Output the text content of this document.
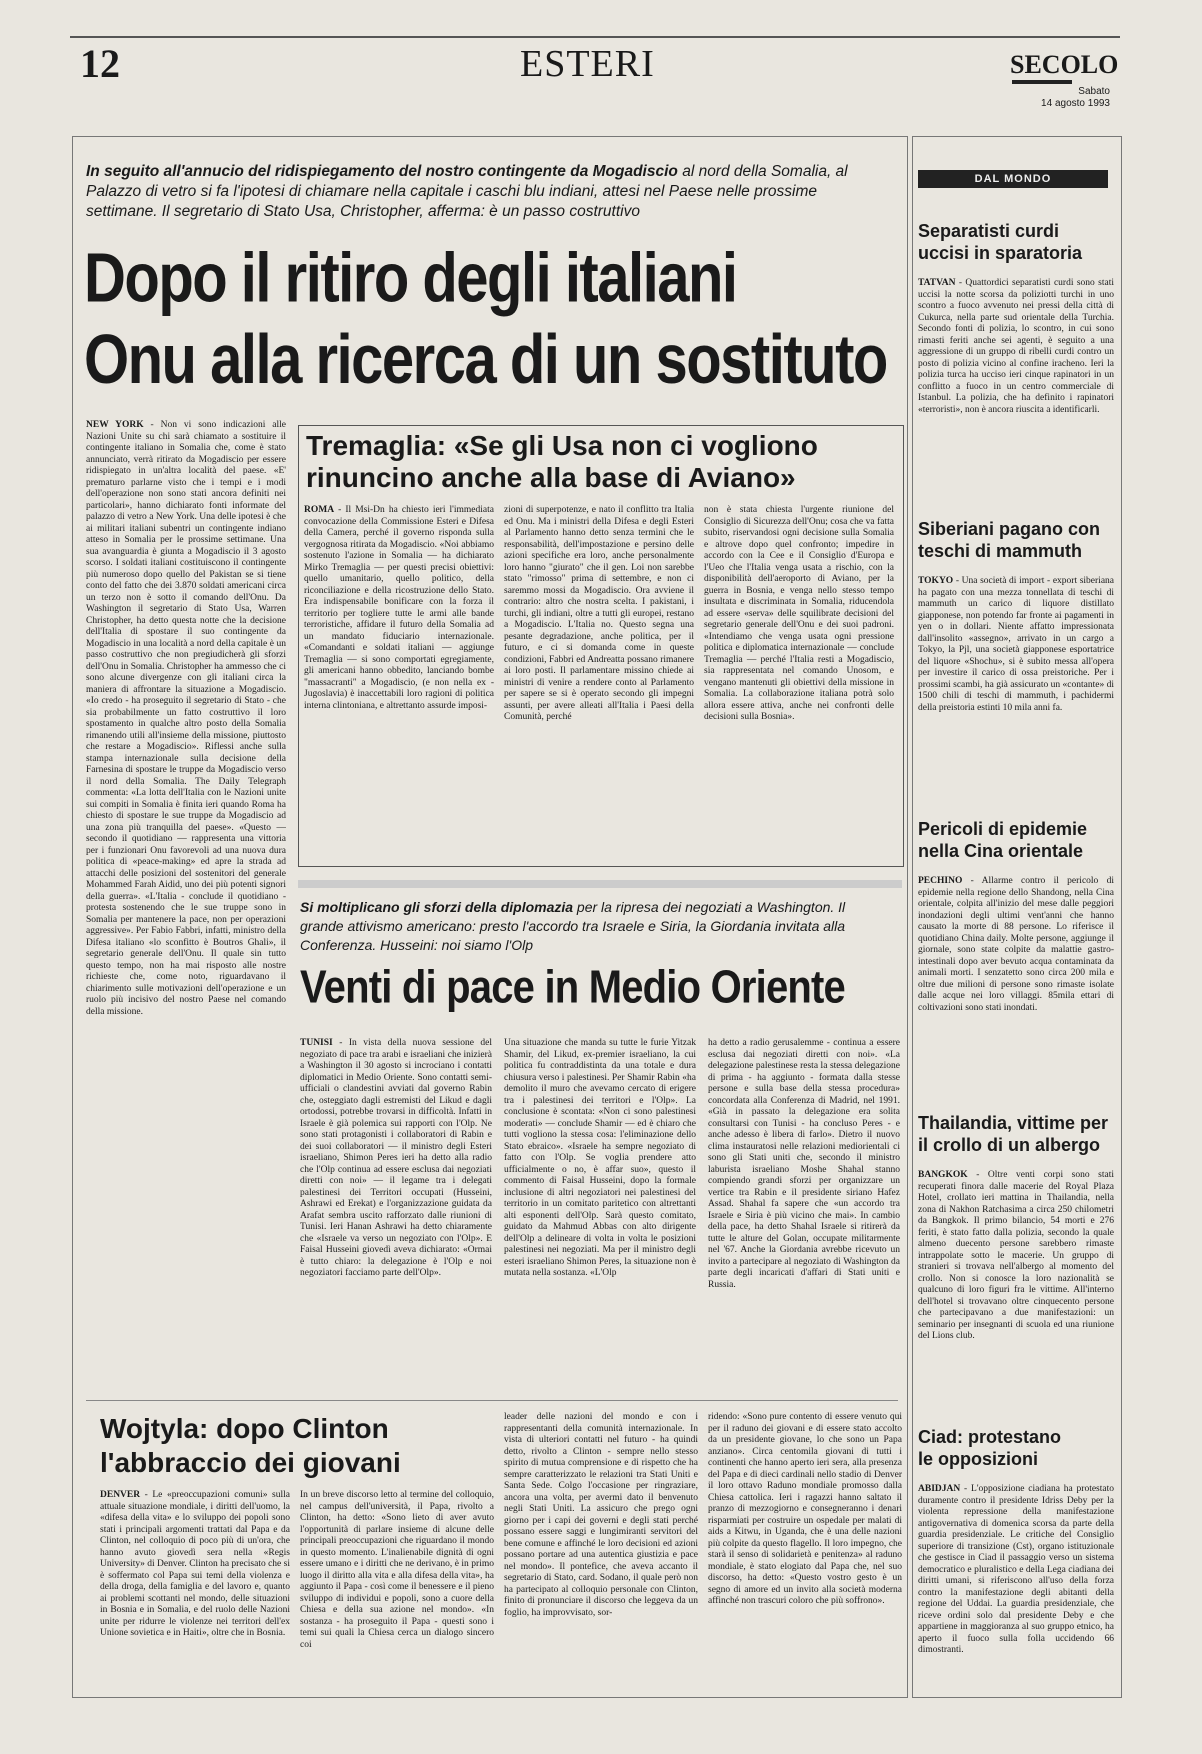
12	ESTERI	SECOLO
Sabato
14 agosto 1993
In seguito all'annucio del ridispiegamento del nostro contingente da Mogadiscio al nord della Somalia, al Palazzo di vetro si fa l'ipotesi di chiamare nella capitale i caschi blu indiani, attesi nel Paese nelle prossime settimane. Il segretario di Stato Usa, Christopher, afferma: è un passo costruttivo
Dopo il ritiro degli italiani
Onu alla ricerca di un sostituto
NEW YORK - Non vi sono indicazioni alle Nazioni Unite su chi sarà chiamato a sostituire il contingente italiano in Somalia che, come è stato annunciato, verrà ritirato da Mogadiscio per essere ridispiegato in un'altra località del paese. «E' prematuro parlarne visto che i tempi e i modi dell'operazione non sono stati ancora definiti nei particolari», hanno dichiarato fonti informate del palazzo di vetro a New York. Una delle ipotesi è che ai militari italiani subentri un contingente indiano atteso in Somalia per le prossime settimane. Una sua avanguardia è giunta a Mogadiscio il 3 agosto scorso. I soldati italiani costituiscono il contingente più numeroso dopo quello del Pakistan se si tiene conto del fatto che dei 3.870 soldati americani circa un terzo non è sotto il comando dell'Onu. Da Washington il segretario di Stato Usa, Warren Christopher, ha detto questa notte che la decisione dell'Italia di spostare il suo contingente da Mogadiscio in una località a nord della capitale è un passo costruttivo che non pregiudicherà gli sforzi dell'Onu in Somalia. Christopher ha ammesso che ci sono alcune divergenze con gli italiani circa la maniera di affrontare la situazione a Mogadiscio. «Io credo - ha proseguito il segretario di Stato - che sia probabilmente un fatto costruttivo il loro spostamento in qualche altro posto della Somalia rimanendo utili all'insieme della missione, piuttosto che restare a Mogadiscio». Riflessi anche sulla stampa internazionale sulla decisione della Farnesina di spostare le truppe da Mogadiscio verso il nord della Somalia. The Daily Telegraph commenta: «La lotta dell'Italia con le Nazioni unite sui compiti in Somalia è finita ieri quando Roma ha chiesto di spostare le sue truppe da Mogadiscio ad una zona più tranquilla del paese». «Questo — secondo il quotidiano — rappresenta una vittoria per i funzionari Onu favorevoli ad una nuova dura politica di «peace-making» ed apre la strada ad attacchi delle posizioni del sostenitori del generale Mohammed Farah Aidid, uno dei più potenti signori della guerra». «L'Italia - conclude il quotidiano - protesta sostenendo che le sue truppe sono in Somalia per mantenere la pace, non per operazioni aggressive». Per Fabio Fabbri, infatti, ministro della Difesa italiano «lo sconfitto è Boutros Ghali», il segretario generale dell'Onu. Il quale sin tutto questo tempo, non ha mai risposto alle nostre richieste che, come noto, riguardavano il chiarimento sulle motivazioni dell'operazione e un ruolo più incisivo del nostro Paese nel comando della missione.
Tremaglia: «Se gli Usa non ci vogliono
rinuncino anche alla base di Aviano»
ROMA - Il Msi-Dn ha chiesto ieri l'immediata convocazione della Commissione Esteri e Difesa della Camera, perché il governo risponda sulla vergognosa ritirata da Mogadiscio. «Noi abbiamo sostenuto l'azione in Somalia — ha dichiarato Mirko Tremaglia — per questi precisi obiettivi: quello umanitario, quello politico, della riconciliazione e della ricostruzione dello Stato. Era indispensabile bonificare con la forza il territorio per togliere tutte le armi alle bande terroristiche, affidare il futuro della Somalia ad un mandato fiduciario internazionale. «Comandanti e soldati italiani — aggiunge Tremaglia — si sono comportati egregiamente, gli americani hanno obbedito, lanciando bombe "massacranti" a Mogadiscio, (e non nella ex - Jugoslavia) è inaccettabili loro ragioni di politica interna clintoniana, e altrettanto assurde imposi-
zioni di superpotenze, e nato il conflitto tra Italia ed Onu. Ma i ministri della Difesa e degli Esteri al Parlamento hanno detto senza termini che le responsabilità, dell'impostazione e persino delle azioni specifiche era loro, anche personalmente loro hanno "giurato" che il gen. Loi non sarebbe stato "rimosso" prima di settembre, e non ci saremmo mossi da Mogadiscio. Ora avviene il contrario: altro che nostra scelta. I pakistani, i turchi, gli indiani, oltre a tutti gli europei, restano a Mogadiscio. L'Italia no. Questo segna una pesante degradazione, anche politica, per il futuro, e ci si domanda come in queste condizioni, Fabbri ed Andreatta possano rimanere ai loro posti. Il parlamentare missino chiede ai ministri di venire a rendere conto al Parlamento per sapere se si è operato secondo gli impegni assunti, per avere alleati all'Italia i Paesi della Comunità, perché
non è stata chiesta l'urgente riunione del Consiglio di Sicurezza dell'Onu; cosa che va fatta subito, riservandosi ogni decisione sulla Somalia e altrove dopo quel confronto; impedire in accordo con la Cee e il Consiglio d'Europa e l'Ueo che l'Italia venga usata a rischio, con la disponibilità dell'aeroporto di Aviano, per la guerra in Bosnia, e venga nello stesso tempo insultata e discriminata in Somalia, riducendola ad essere «serva» delle squilibrate decisioni del segretario generale dell'Onu e dei suoi padroni. «Intendiamo che venga usata ogni pressione politica e diplomatica internazionale — conclude Tremaglia — perché l'Italia resti a Mogadiscio, sia rappresentata nel comando Unosom, e vengano mantenuti gli obiettivi della missione in Somalia. La collaborazione italiana potrà solo allora essere attiva, anche nei confronti delle decisioni sulla Bosnia».
Si moltiplicano gli sforzi della diplomazia per la ripresa dei negoziati a Washington. Il grande attivismo americano: presto l'accordo tra Israele e Siria, la Giordania invitata alla Conferenza. Husseini: noi siamo l'Olp
Venti di pace in Medio Oriente
TUNISI - In vista della nuova sessione del negoziato di pace tra arabi e israeliani che inizierà a Washington il 30 agosto si incrociano i contatti diplomatici in Medio Oriente. Sono contatti semi-ufficiali o clandestini avviati dal governo Rabin che, osteggiato dagli estremisti del Likud e dagli ortodossi, potrebbe trovarsi in difficoltà. Infatti in Israele è già polemica sui rapporti con l'Olp. Ne sono stati protagonisti i collaboratori di Rabin e dei suoi collaboratori — il ministro degli Esteri israeliano, Shimon Peres ieri ha detto alla radio che l'Olp continua ad essere esclusa dai negoziati diretti con noi» — il legame tra i delegati palestinesi dei Territori occupati (Husseini, Ashrawi ed Erekat) e l'organizzazione guidata da Arafat sembra uscito rafforzato dalle riunioni di Tunisi. Ieri Hanan Ashrawi ha detto chiaramente che «Israele va verso un negoziato con l'Olp». E Faisal Husseini giovedì aveva dichiarato: «Ormai è tutto chiaro: la delegazione è l'Olp e noi negoziatori facciamo parte dell'Olp».
Una situazione che manda su tutte le furie Yitzak Shamir, del Likud, ex-premier israeliano, la cui politica fu contraddistinta da una totale e dura chiusura verso i palestinesi. Per Shamir Rabin «ha demolito il muro che avevamo cercato di erigere tra i palestinesi dei territori e l'Olp». La conclusione è scontata: «Non ci sono palestinesi moderati» — conclude Shamir — ed è chiaro che tutti vogliono la stessa cosa: l'eliminazione dello Stato ebraico». «Israele ha sempre negoziato di fatto con l'Olp. Se voglia prendere atto ufficialmente o no, è affar suo», questo il commento di Faisal Husseini, dopo la formale inclusione di altri negoziatori nei palestinesi del territorio in un comitato paritetico con altrettanti alti esponenti dell'Olp. Sarà questo comitato, guidato da Mahmud Abbas con alto dirigente dell'Olp a delineare di volta in volta le posizioni palestinesi nei negoziati. Ma per il ministro degli esteri israeliano Shimon Peres, la situazione non è mutata nella sostanza. «L'Olp
ha detto a radio gerusalemme - continua a essere esclusa dai negoziati diretti con noi». «La delegazione palestinese resta la stessa delegazione di prima - ha aggiunto - formata dalla stesse persone e sulla base della stessa procedura» concordata alla Conferenza di Madrid, nel 1991. «Già in passato la delegazione era solita consultarsi con Tunisi - ha concluso Peres - e anche adesso è libera di farlo». Dietro il nuovo clima instauratosi nelle relazioni mediorientali ci sono gli Stati uniti che, secondo il ministro laburista israeliano Moshe Shahal stanno compiendo grandi sforzi per organizzare un vertice tra Rabin e il presidente siriano Hafez Assad. Shahal fa sapere che «un accordo tra Israele e Siria è più vicino che mai». In cambio della pace, ha detto Shahal Israele si ritirerà da tutte le alture del Golan, occupate militarmente nel '67. Anche la Giordania avrebbe ricevuto un invito a partecipare al negoziato di Washington da parte degli incaricati d'affari di Stati uniti e Russia.
Wojtyla: dopo Clinton
l'abbraccio dei giovani
DENVER - Le «preoccupazioni comuni» sulla attuale situazione mondiale, i diritti dell'uomo, la «difesa della vita» e lo sviluppo dei popoli sono stati i principali argomenti trattati dal Papa e da Clinton, nel colloquio di poco più di un'ora, che hanno avuto giovedì sera nella «Regis University» di Denver. Clinton ha precisato che si è soffermato col Papa sui temi della violenza e della droga, della famiglia e del lavoro e, quanto ai problemi scottanti nel mondo, delle situazioni in Bosnia e in Somalia, e del ruolo delle Nazioni unite per ridurre le violenze nei territori dell'ex Unione sovietica e in Haiti», oltre che in Bosnia.
In un breve discorso letto al termine del colloquio, nel campus dell'università, il Papa, rivolto a Clinton, ha detto: «Sono lieto di aver avuto l'opportunità di parlare insieme di alcune delle principali preoccupazioni che riguardano il mondo in questo momento. L'inalienabile dignità di ogni essere umano e i diritti che ne derivano, è in primo luogo il diritto alla vita e alla difesa della vita», ha aggiunto il Papa - così come il benessere e il pieno sviluppo di individui e popoli, sono a cuore della Chiesa e della sua azione nel mondo». «In sostanza - ha proseguito il Papa - questi sono i temi sui quali la Chiesa cerca un dialogo sincero coi
leader delle nazioni del mondo e con i rappresentanti della comunità internazionale. In vista di ulteriori contatti nel futuro - ha quindi detto, rivolto a Clinton - sempre nello stesso spirito di mutua comprensione e di rispetto che ha sempre caratterizzato le relazioni tra Stati Uniti e Santa Sede. Colgo l'occasione per ringraziare, ancora una volta, per avermi dato il benvenuto negli Stati Uniti. La assicuro che prego ogni giorno per i capi dei governi e degli stati perché possano essere saggi e lungimiranti servitori del bene comune e affinché le loro decisioni ed azioni possano portare ad una autentica giustizia e pace nel mondo». Il pontefice, che aveva accanto il segretario di Stato, card. Sodano, il quale però non ha partecipato al colloquio personale con Clinton, finito di pronunciare il discorso che leggeva da un foglio, ha improvvisato, sor-
ridendo: «Sono pure contento di essere venuto qui per il raduno dei giovani e di essere stato accolto da un presidente giovane, lo che sono un Papa anziano». Circa centomila giovani di tutti i continenti che hanno aperto ieri sera, alla presenza del Papa e di dieci cardinali nello stadio di Denver il loro ottavo Raduno mondiale promosso dalla Chiesa cattolica. Ieri i ragazzi hanno saltato il pranzo di mezzogiorno e consegneranno i denari risparmiati per costruire un ospedale per malati di aids a Kitwu, in Uganda, che è una delle nazioni più colpite da questo flagello. Il loro impegno, che starà il senso di solidarietà e penitenza» al raduno mondiale, è stato elogiato dal Papa che, nel suo discorso, ha detto: «Questo vostro gesto è un segno di amore ed un invito alla società moderna affinché non trascuri coloro che più soffrono».
DAL MONDO
Separatisti curdi
uccisi in sparatoria
TATVAN - Quattordici separatisti curdi sono stati uccisi la notte scorsa da poliziotti turchi in uno scontro a fuoco avvenuto nei pressi della città di Cukurca, nella parte sud orientale della Turchia. Secondo fonti di polizia, lo scontro, in cui sono rimasti feriti anche sei agenti, è seguito a una aggressione di un gruppo di ribelli curdi contro un posto di polizia vicino al confine iracheno. Ieri la polizia turca ha ucciso ieri cinque rapinatori in un conflitto a fuoco in un centro commerciale di Istanbul. La polizia, che ha definito i rapinatori «terroristi», non è ancora riuscita a identificarli.
Siberiani pagano con
teschi di mammuth
TOKYO - Una società di import - export siberiana ha pagato con una mezza tonnellata di teschi di mammuth un carico di liquore distillato giapponese, non potendo far fronte ai pagamenti in yen o in dollari. Niente affatto impressionata dall'insolito «assegno», arrivato in un cargo a Tokyo, la Pjl, una società giapponese esportatrice del liquore «Shochu», si è subito messa all'opera per investire il carico di ossa preistoriche. Per i prossimi scambi, ha già assicurato un «contante» di 1500 chili di teschi di mammuth, i pachidermi della preistoria estinti 10 mila anni fa.
Pericoli di epidemie
nella Cina orientale
PECHINO - Allarme contro il pericolo di epidemie nella regione dello Shandong, nella Cina orientale, colpita all'inizio del mese dalle peggiori inondazioni degli ultimi vent'anni che hanno causato la morte di 88 persone. Lo riferisce il quotidiano China daily. Molte persone, aggiunge il giornale, sono state colpite da malattie gastro-intestinali dopo aver bevuto acqua contaminata da animali morti. I senzatetto sono circa 200 mila e oltre due milioni di persone sono rimaste isolate dalle acque nei loro villaggi. 85mila ettari di coltivazioni sono stati inondati.
Thailandia, vittime per
il crollo di un albergo
BANGKOK - Oltre venti corpi sono stati recuperati finora dalle macerie del Royal Plaza Hotel, crollato ieri mattina in Thailandia, nella zona di Nakhon Ratchasima a circa 250 chilometri da Bangkok. Il primo bilancio, 54 morti e 276 feriti, è stato fatto dalla polizia, secondo la quale almeno duecento persone sarebbero rimaste intrappolate sotto le macerie. Un gruppo di stranieri si trovava nell'albergo al momento del crollo. Non si conosce la loro nazionalità se qualcuno di loro figuri fra le vittime. All'interno dell'hotel si trovavano oltre cinquecento persone che partecipavano a due manifestazioni: un seminario per insegnanti di scuola ed una riunione del Lions club.
Ciad: protestano
le opposizioni
ABIDJAN - L'opposizione ciadiana ha protestato duramente contro il presidente Idriss Deby per la violenta repressione della manifestazione antigovernativa di domenica scorsa da parte della guardia presidenziale. Le critiche del Consiglio superiore di transizione (Cst), organo istituzionale che gestisce in Ciad il passaggio verso un sistema democratico e pluralistico e della Lega ciadiana dei diritti umani, si riferiscono all'uso della forza contro la manifestazione degli abitanti della regione del Uddai. La guardia presidenziale, che riceve ordini solo dal presidente Deby e che appartiene in maggioranza al suo gruppo etnico, ha aperto il fuoco sulla folla uccidendo 66 dimostranti.
